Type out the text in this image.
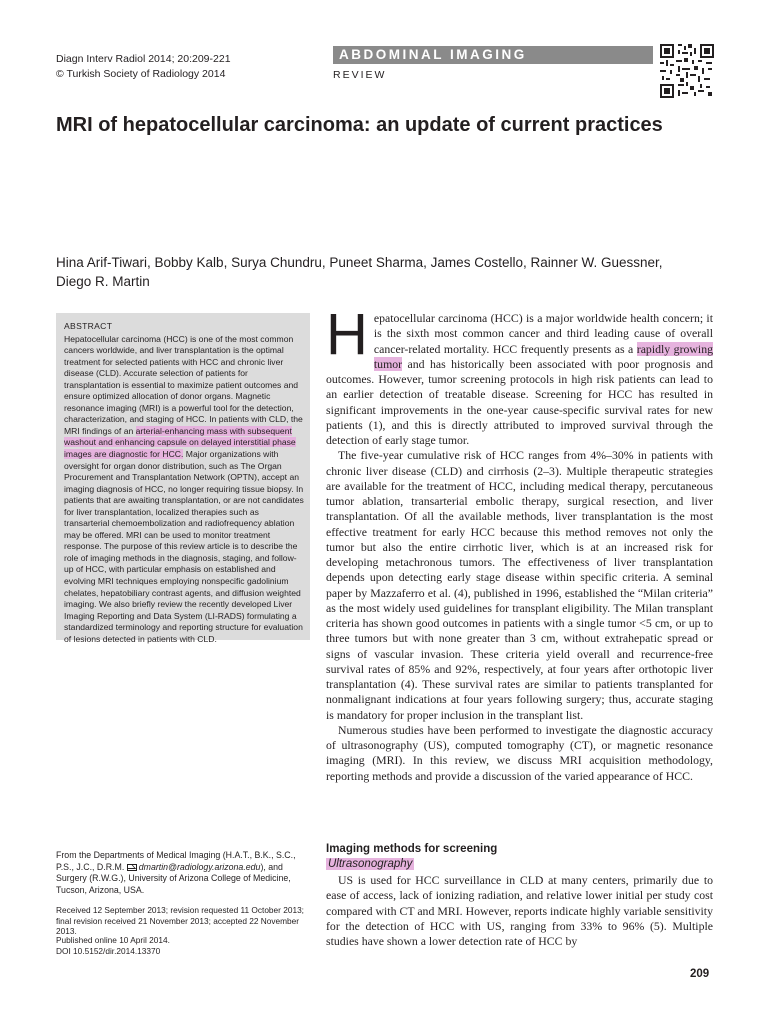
Diagn Interv Radiol 2014; 20:209-221
© Turkish Society of Radiology 2014
ABDOMINAL IMAGING
REVIEW
MRI of hepatocellular carcinoma: an update of current practices
Hina Arif-Tiwari, Bobby Kalb, Surya Chundru, Puneet Sharma, James Costello, Rainner W. Guessner,
Diego R. Martin
ABSTRACT
Hepatocellular carcinoma (HCC) is one of the most common cancers worldwide, and liver transplantation is the optimal treatment for selected patients with HCC and chronic liver disease (CLD). Accurate selection of patients for transplantation is essential to maximize patient outcomes and ensure optimized allocation of donor organs. Magnetic resonance imaging (MRI) is a powerful tool for the detection, characterization, and staging of HCC. In patients with CLD, the MRI findings of an arterial-enhancing mass with subsequent washout and enhancing capsule on delayed interstitial phase images are diagnostic for HCC. Major organizations with oversight for organ donor distribution, such as The Organ Procurement and Transplantation Network (OPTN), accept an imaging diagnosis of HCC, no longer requiring tissue biopsy. In patients that are awaiting transplantation, or are not candidates for liver transplantation, localized therapies such as transarterial chemoembolization and radiofrequency ablation may be offered. MRI can be used to monitor treatment response. The purpose of this review article is to describe the role of imaging methods in the diagnosis, staging, and follow-up of HCC, with particular emphasis on established and evolving MRI techniques employing nonspecific gadolinium chelates, hepatobiliary contrast agents, and diffusion weighted imaging. We also briefly review the recently developed Liver Imaging Reporting and Data System (LI-RADS) formulating a standardized terminology and reporting structure for evaluation of lesions detected in patients with CLD.

Hepatocellular carcinoma (HCC) is a major worldwide health concern; it is the sixth most common cancer and third leading cause of overall cancer-related mortality. HCC frequently presents as a rapidly growing tumor and has historically been associated with poor prognosis and outcomes. However, tumor screening protocols in high risk patients can lead to an earlier detection of treatable disease. Screening for HCC has resulted in significant improvements in the one-year cause-specific survival rates for new patients (1), and this is directly attributed to improved survival through the detection of early stage tumor.

The five-year cumulative risk of HCC ranges from 4%–30% in patients with chronic liver disease (CLD) and cirrhosis (2–3). Multiple therapeutic strategies are available for the treatment of HCC, including medical therapy, percutaneous tumor ablation, transarterial embolic therapy, surgical resection, and liver transplantation. Of all the available methods, liver transplantation is the most effective treatment for early HCC because this method removes not only the tumor but also the entire cirrhotic liver, which is at an increased risk for developing metachronous tumors. The effectiveness of liver transplantation depends upon detecting early stage disease within specific criteria. A seminal paper by Mazzaferro et al. (4), published in 1996, established the “Milan criteria” as the most widely used guidelines for transplant eligibility. The Milan transplant criteria has shown good outcomes in patients with a single tumor <5 cm, or up to three tumors but with none greater than 3 cm, without extrahepatic spread or signs of vascular invasion. These criteria yield overall and recurrence-free survival rates of 85% and 92%, respectively, at four years after orthotopic liver transplantation (4). These survival rates are similar to patients transplanted for nonmalignant indications at four years following surgery; thus, accurate staging is mandatory for proper inclusion in the transplant list.

Numerous studies have been performed to investigate the diagnostic accuracy of ultrasonography (US), computed tomography (CT), or magnetic resonance imaging (MRI). In this review, we discuss MRI acquisition methodology, reporting methods and provide a discussion of the varied appearance of HCC.

Imaging methods for screening
Ultrasonography

US is used for HCC surveillance in CLD at many centers, primarily due to ease of access, lack of ionizing radiation, and relative lower initial per study cost compared with CT and MRI. However, reports indicate highly variable sensitivity for the detection of HCC with US, ranging from 33% to 96% (5). Multiple studies have shown a lower detection rate of HCC by

From the Departments of Medical Imaging (H.A.T., B.K., S.C., P.S., J.C., D.R.M.
dmartin@radiology.arizona.edu), and Surgery (R.W.G.), University of Arizona College of Medicine, Tucson, Arizona, USA.
Received 12 September 2013; revision requested 11 October 2013; final revision received 21 November 2013; accepted 22 November 2013.
Published online 10 April 2014.
DOI 10.5152/dir.2014.13370
209
